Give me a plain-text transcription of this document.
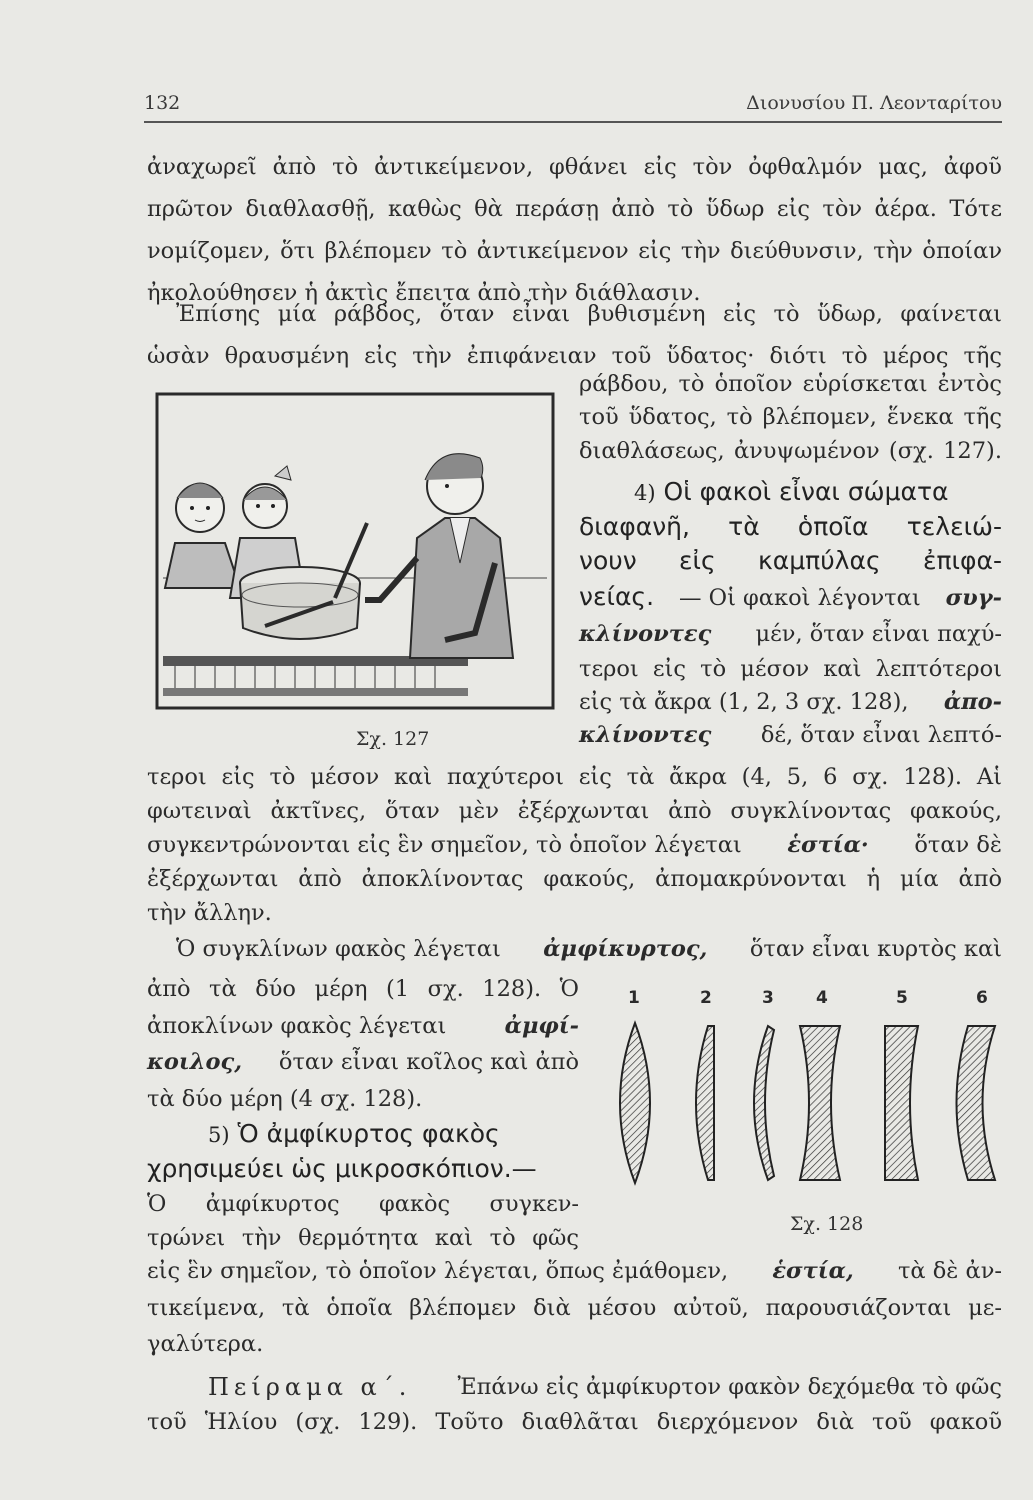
132	Διονυσίου Π. Λεονταρίτου
ἀναχωρεῖ ἀπὸ τὸ ἀντικείμενον, φθάνει εἰς τὸν ὀφθαλμόν μας, ἀφοῦ
πρῶτον διαθλασθῇ, καθὼς θὰ περάσῃ ἀπὸ τὸ ὕδωρ εἰς τὸν ἀέρα. Τότε
νομίζομεν, ὅτι βλέπομεν τὸ ἀντικείμενον εἰς τὴν διεύθυνσιν, τὴν ὁποίαν
ἠκολούθησεν ἡ ἀκτὶς ἔπειτα ἀπὸ τὴν διάθλασιν.
Ἐπίσης μία ράβδος, ὅταν εἶναι βυθισμένη εἰς τὸ ὕδωρ, φαίνεται
ὡσὰν θραυσμένη εἰς τὴν ἐπιφάνειαν τοῦ ὕδατος· διότι τὸ μέρος τῆς
ράβδου, τὸ ὁποῖον εὑρίσκεται ἐντὸς
τοῦ ὕδατος, τὸ βλέπομεν, ἕνεκα τῆς
διαθλάσεως, ἀνυψωμένον (σχ. 127).
Σχ. 127
4) Οἱ φακοὶ εἶναι σώματα
διαφανῆ, τὰ ὁποῖα τελειώ-
νουν εἰς καμπύλας ἐπιφα-
νείας. — Οἱ φακοὶ λέγονται συγ-
κλίνοντες μέν, ὅταν εἶναι παχύ-
τεροι εἰς τὸ μέσον καὶ λεπτότεροι
εἰς τὰ ἄκρα (1, 2, 3 σχ. 128), ἀπο-
κλίνοντες δέ, ὅταν εἶναι λεπτό-
τεροι εἰς τὸ μέσον καὶ παχύτεροι εἰς τὰ ἄκρα (4, 5, 6 σχ. 128). Αἱ
φωτειναὶ ἀκτῖνες, ὅταν μὲν ἐξέρχωνται ἀπὸ συγκλίνοντας φακούς,
συγκεντρώνονται εἰς ἓν σημεῖον, τὸ ὁποῖον λέγεται ἑστία· ὅταν δὲ
ἐξέρχωνται ἀπὸ ἀποκλίνοντας φακούς, ἀπομακρύνονται ἡ μία ἀπὸ
τὴν ἄλλην.
Ὁ συγκλίνων φακὸς λέγεται ἀμφίκυρτος, ὅταν εἶναι κυρτὸς καὶ
ἀπὸ τὰ δύο μέρη (1 σχ. 128). Ὁ
ἀποκλίνων φακὸς λέγεται	ἀμφί-
κοιλος, ὅταν εἶναι κοῖλος καὶ ἀπὸ
τὰ δύο μέρη (4 σχ. 128).
5) Ὁ ἀμφίκυρτος φακὸς
χρησιμεύει ὡς μικροσκόπιον.—
Ὁ ἀμφίκυρτος φακὸς συγκεν-
τρώνει τὴν θερμότητα καὶ τὸ φῶς
1	2	3 4	5	6
Σχ. 128
εἰς ἓν σημεῖον, τὸ ὁποῖον λέγεται, ὅπως ἐμάθομεν, ἑστία, τὰ δὲ ἀν-
τικείμενα, τὰ ὁποῖα βλέπομεν διὰ μέσου αὐτοῦ, παρουσιάζονται με-
γαλύτερα.
Πείραμα α΄. Ἐπάνω εἰς ἀμφίκυρτον φακὸν δεχόμεθα τὸ φῶς
τοῦ Ἡλίου (σχ. 129). Τοῦτο διαθλᾶται διερχόμενον διὰ τοῦ φακοῦ
